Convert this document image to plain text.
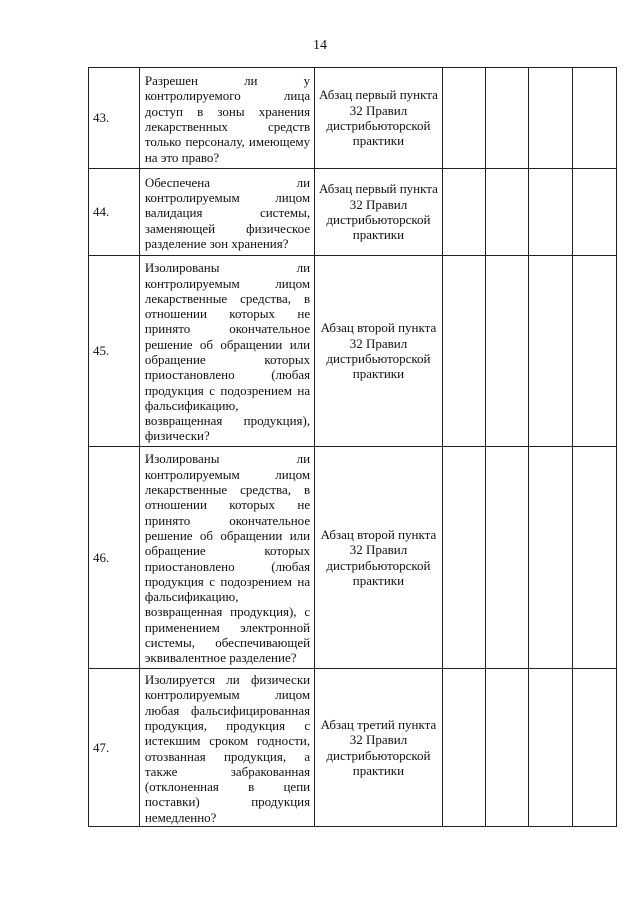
14
43.	Разрешен ли у контролируемого лица доступ в зоны хранения лекарственных средств только персоналу, имеющему на это право?	Абзац первый пункта 32 Правил дистрибьюторской практики				
44.	Обеспечена ли контролируемым лицом валидация системы, заменяющей физическое разделение зон хранения?	Абзац первый пункта 32 Правил дистрибьюторской практики				
45.	Изолированы ли контролируемым лицом лекарственные средства, в отношении которых не принято окончательное решение об обращении или обращение которых приостановлено (любая продукция с подозрением на фальсификацию, возвращенная продукция), физически?	Абзац второй пункта 32 Правил дистрибьюторской практики				
46.	Изолированы ли контролируемым лицом лекарственные средства, в отношении которых не принято окончательное решение об обращении или обращение которых приостановлено (любая продукция с подозрением на фальсификацию, возвращенная продукция), с применением электронной системы, обеспечивающей эквивалентное разделение?	Абзац второй пункта 32 Правил дистрибьюторской практики				
47.	Изолируется ли физически контролируемым лицом любая фальсифицированная продукция, продукция с истекшим сроком годности, отозванная продукция, а также забракованная (отклоненная в цепи поставки) продукция немедленно?	Абзац третий пункта 32 Правил дистрибьюторской практики				
